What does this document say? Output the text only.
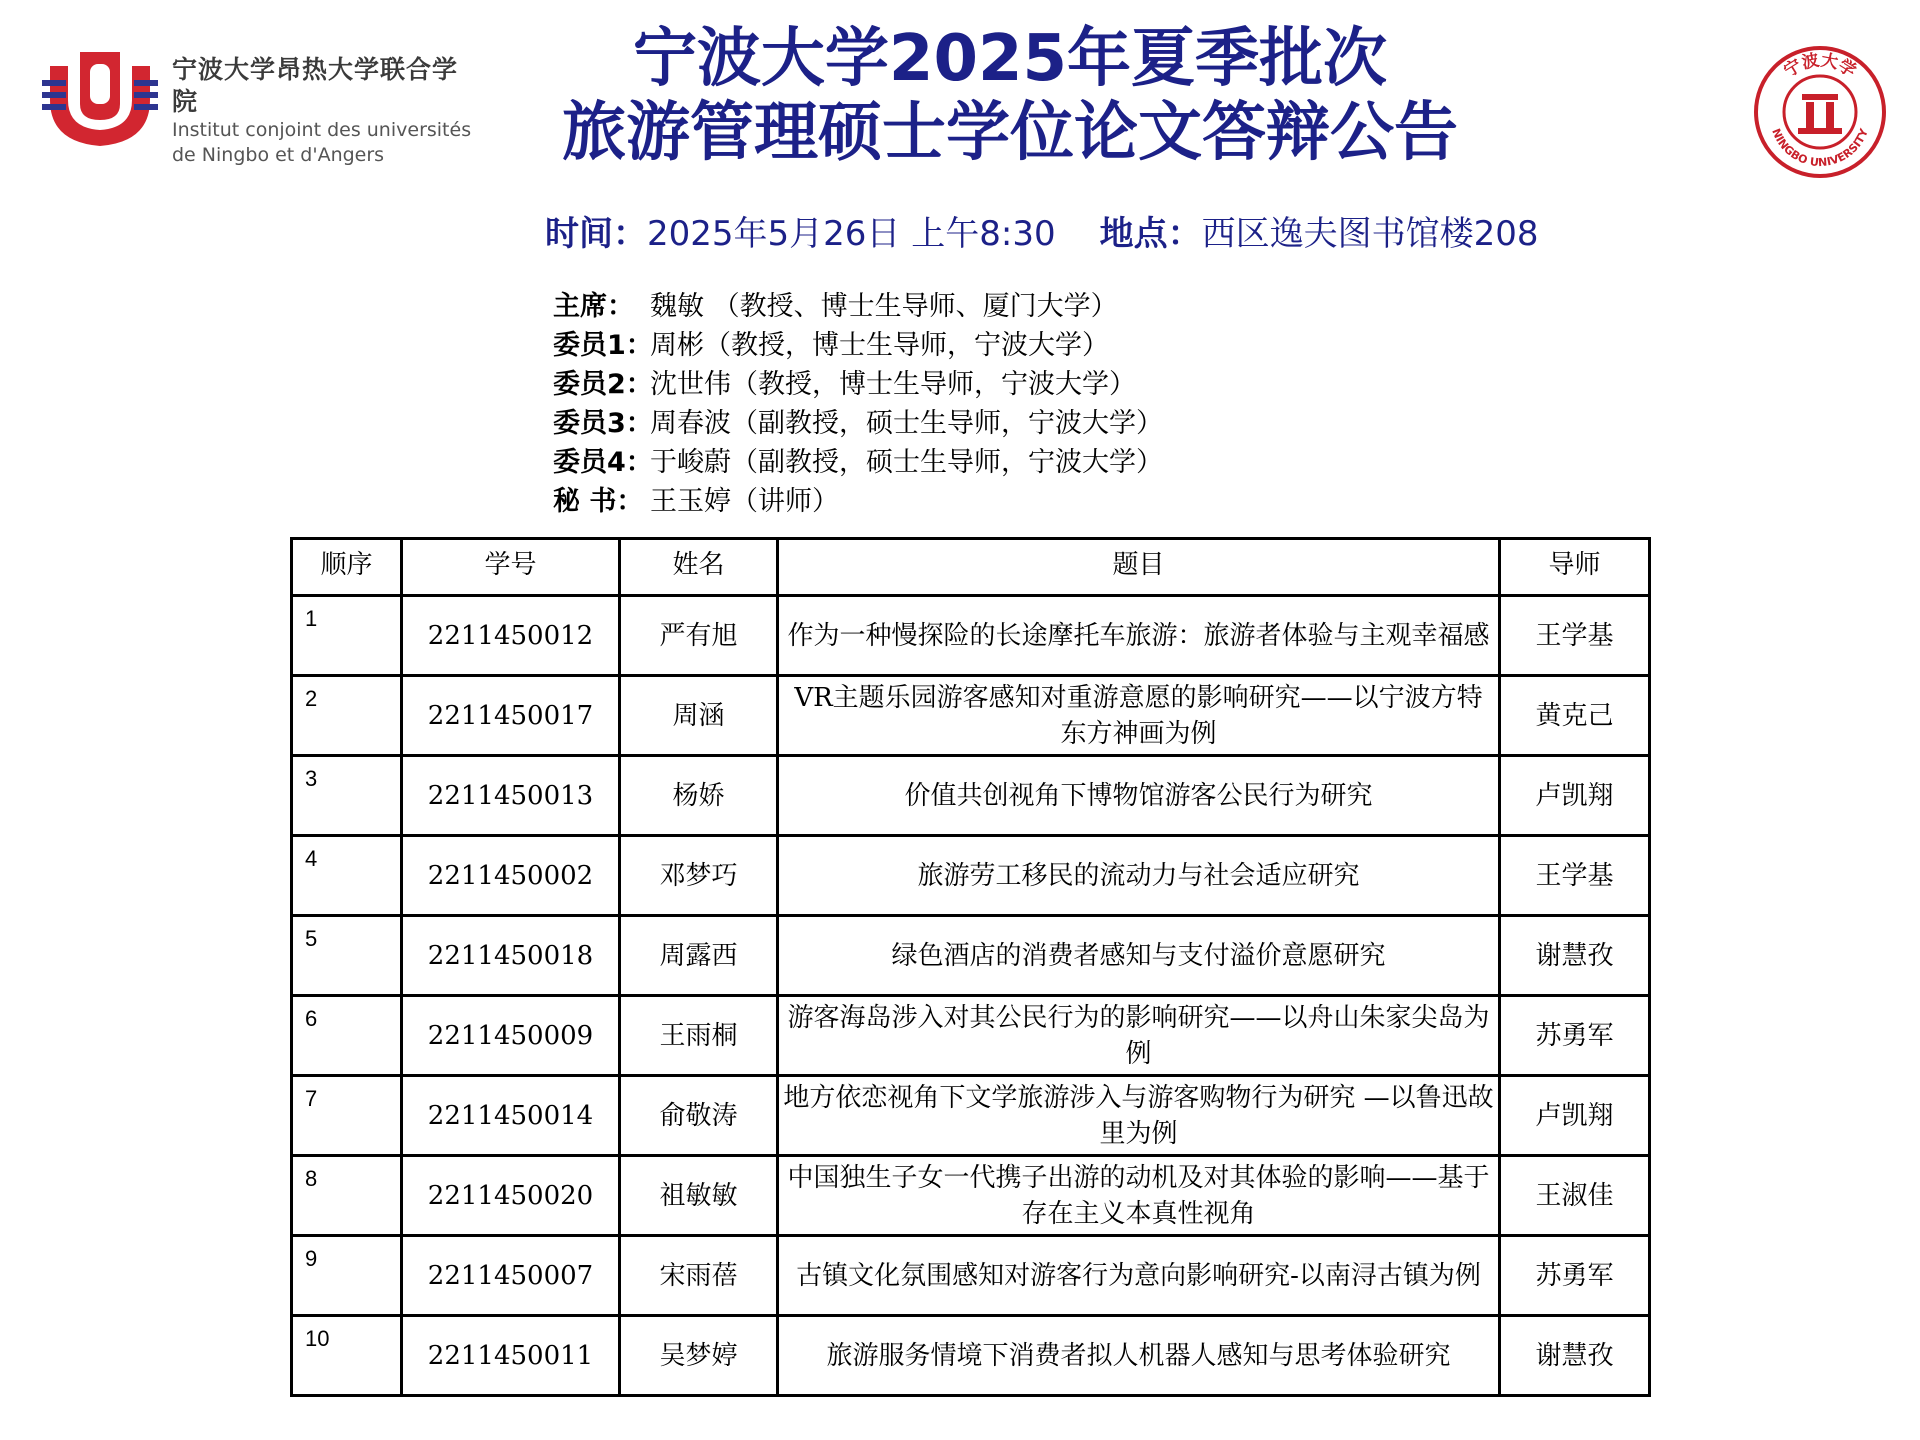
宁波大学昂热大学联合学院
Institut conjoint des universités
de Ningbo et d'Angers
宁波大学
NINGBO UNIVERSITY
宁波大学2025年夏季批次
旅游管理硕士学位论文答辩公告
时间：2025年5月26日 上午8:30 地点：西区逸夫图书馆楼208
主席： 魏敏 （教授、博士生导师、厦门大学）
委员1：周彬（教授，博士生导师，宁波大学）
委员2：沈世伟（教授，博士生导师，宁波大学）
委员3：周春波（副教授，硕士生导师，宁波大学）
委员4：于峻蔚（副教授，硕士生导师，宁波大学）
秘 书： 王玉婷（讲师）
顺序	学号	姓名	题目	导师
1	2211450012	严有旭	作为一种慢探险的长途摩托车旅游：旅游者体验与主观幸福感	王学基
2	2211450017	周涵	VR主题乐园游客感知对重游意愿的影响研究——以宁波方特东方神画为例	黄克己
3	2211450013	杨娇	价值共创视角下博物馆游客公民行为研究	卢凯翔
4	2211450002	邓梦巧	旅游劳工移民的流动力与社会适应研究	王学基
5	2211450018	周露西	绿色酒店的消费者感知与支付溢价意愿研究	谢慧孜
6	2211450009	王雨桐	游客海岛涉入对其公民行为的影响研究——以舟山朱家尖岛为例	苏勇军
7	2211450014	俞敬涛	地方依恋视角下文学旅游涉入与游客购物行为研究 —以鲁迅故里为例	卢凯翔
8	2211450020	祖敏敏	中国独生子女一代携子出游的动机及对其体验的影响——基于存在主义本真性视角	王淑佳
9	2211450007	宋雨蓓	古镇文化氛围感知对游客行为意向影响研究-以南浔古镇为例	苏勇军
10	2211450011	吴梦婷	旅游服务情境下消费者拟人机器人感知与思考体验研究	谢慧孜
